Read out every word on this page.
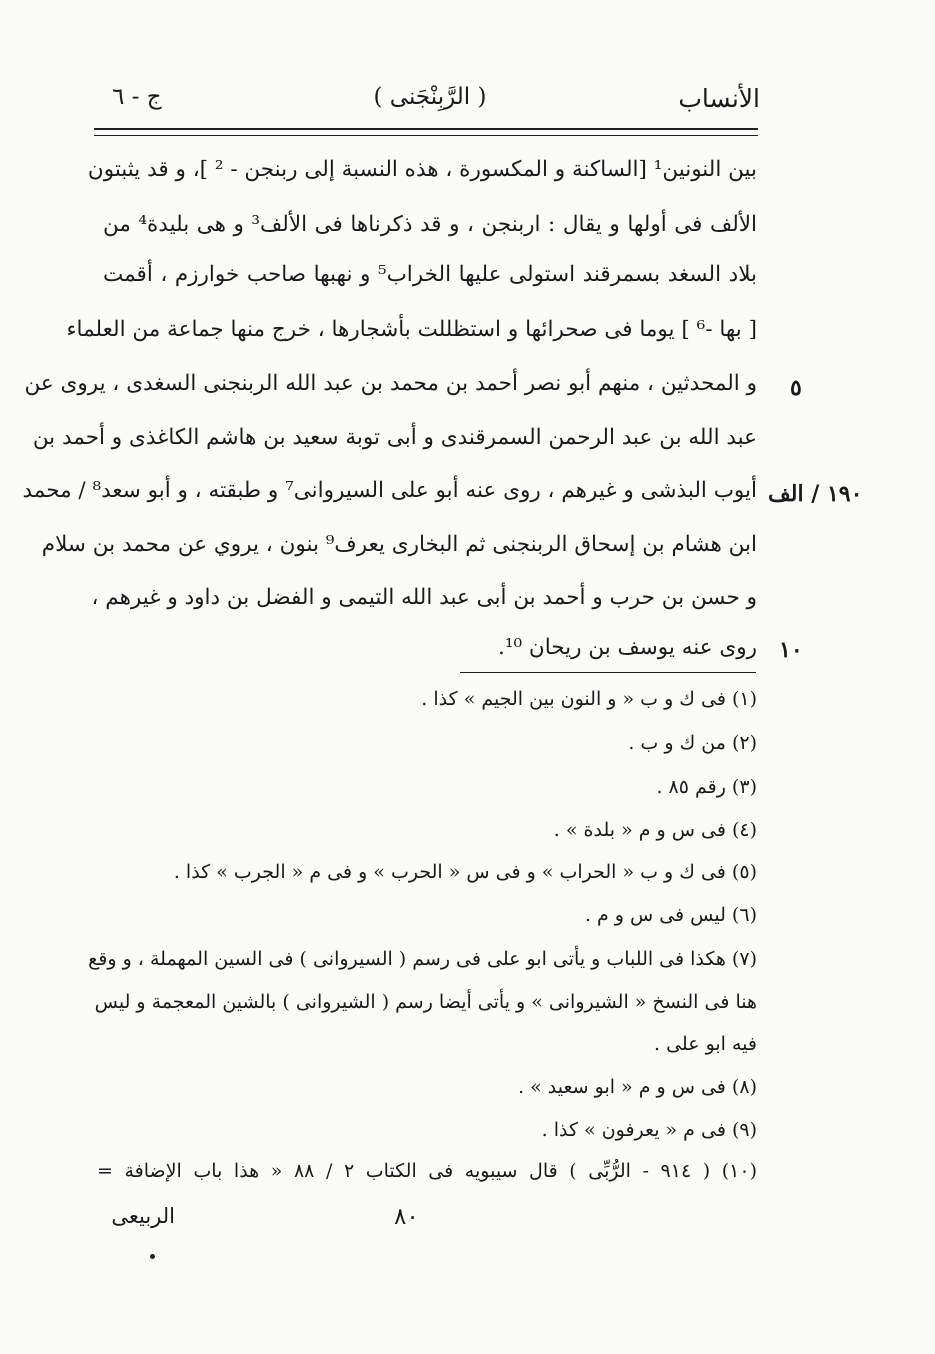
الأنساب
( الرَّبِنْجَنى )
ج - ٦
بين النونين¹ [الساكنة و المكسورة ، هذه النسبة إلى ربنجن - ² ]، و قد يثبتون
الألف فى أولها و يقال : اربنجن ، و قد ذكرناها فى الألف³ و هى بليدة⁴ من
بلاد السغد بسمرقند استولى عليها الخراب⁵ و نهبها صاحب خوارزم ، أقمت
[ بها -⁶ ] يوما فى صحرائها و استظللت بأشجارها ، خرج منها جماعة من العلماء
و المحدثين ، منهم أبو نصر أحمد بن محمد بن عبد الله الربنجنى السغدى ، يروى عن
عبد الله بن عبد الرحمن السمرقندى و أبى توبة سعيد بن هاشم الكاغذى و أحمد بن
أيوب البذشى و غيرهم ، روى عنه أبو على السيروانى⁷ و طبقته ، و أبو سعد⁸ / محمد
ابن هشام بن إسحاق الربنجنى ثم البخارى يعرف⁹ بنون ، يروي عن محمد بن سلام
و حسن بن حرب و أحمد بن أبى عبد الله التيمى و الفضل بن داود و غيرهم ،
روى عنه يوسف بن ريحان ¹⁰.
٥
١٩٠ / الف
١٠
(١) فى ك و ب « و النون بين الجيم » كذا .
(٢) من ك و ب .
(٣) رقم ٨٥ .
(٤) فى س و م « بلدة » .
(٥) فى ك و ب « الحراب » و فى س « الحرب » و فى م « الجرب » كذا .
(٦) ليس فى س و م .
(٧) هكذا فى اللباب و يأتى ابو على فى رسم ( السيروانى ) فى السين المهملة ، و وقع
هنا فى النسخ « الشيروانى » و يأتى أيضا رسم ( الشيروانى ) بالشين المعجمة و ليس
فيه ابو على .
(٨) فى س و م « ابو سعيد » .
(٩) فى م « يعرفون » كذا .
(١٠) ( ٩١٤ - الرُّبِّى ) قال سيبويه فى الكتاب ٢ / ٨٨ « هذا باب الإضافة =
٨٠
الربيعى
